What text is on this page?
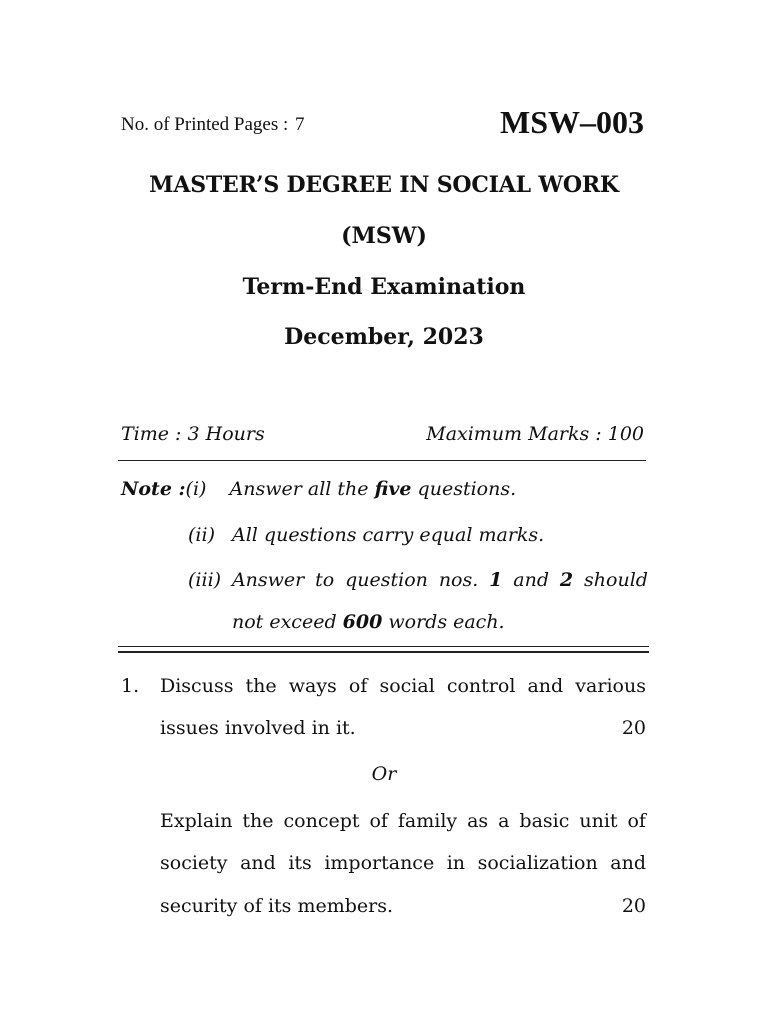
No. of Printed Pages : 7	MSW–003
MASTER’S DEGREE IN SOCIAL WORK
(MSW)
Term-End Examination
December, 2023
Time : 3 Hours	Maximum Marks : 100
Note :(i) Answer all the five questions.
(ii) All questions carry equal marks.
(iii) Answer to question nos. 1 and 2 should
not exceed 600 words each.
1. Discuss the ways of social control and various
issues involved in it.	20
Or
Explain the concept of family as a basic unit of
society and its importance in socialization and
security of its members.	20
